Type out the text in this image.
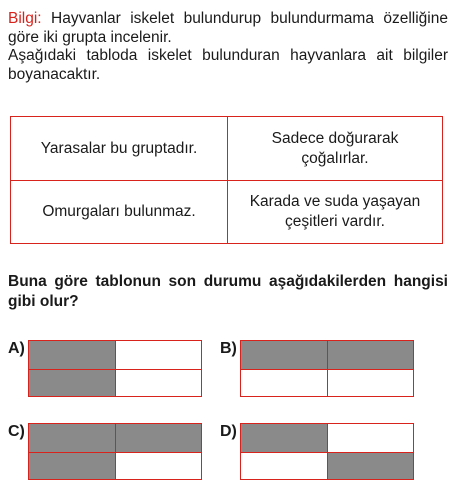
Bilgi: Hayvanlar iskelet bulundurup bulundurmama özelliğine göre iki grupta incelenir.
Aşağıdaki tabloda iskelet bulunduran hayvanlara ait bilgiler boyanacaktır.
Yarasalar bu gruptadır.
Sadece doğurarak çoğalırlar.
Omurgaları bulunmaz.
Karada ve suda yaşayan çeşitleri vardır.
Buna göre tablonun son durumu aşağıdakilerden hangisi gibi olur?
A)	B)
C)	D)
